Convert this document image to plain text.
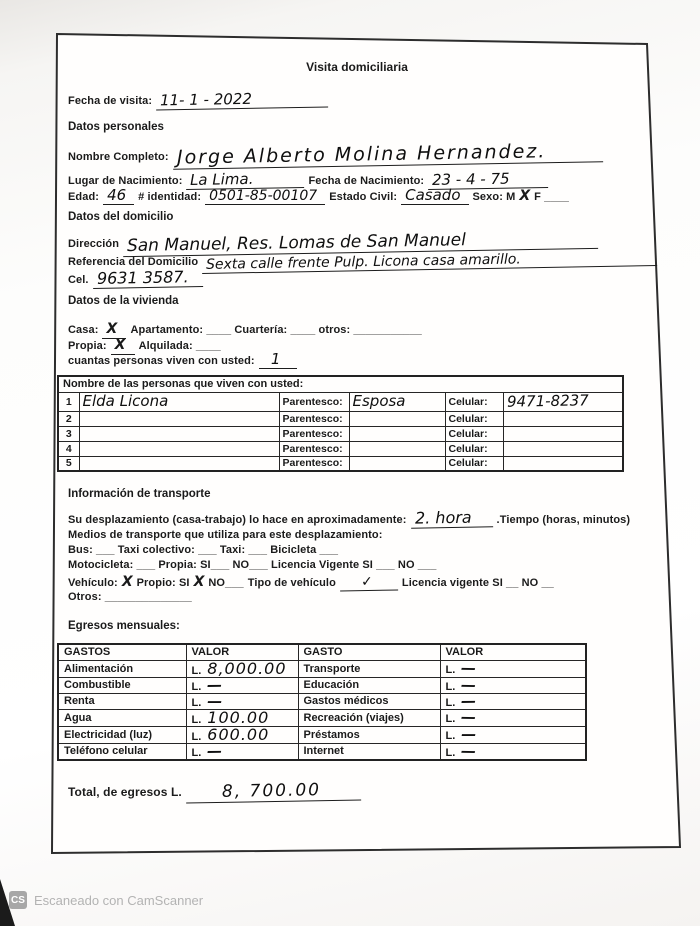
Visita domiciliaria
Fecha de visita: 11- 1 - 2022
Datos personales
Nombre Completo: Jorge Alberto Molina Hernandez.
Lugar de Nacimiento: La Lima.	Fecha de Nacimiento: 23 - 4 - 75
Edad: 46	# identidad: 0501-85-00107	Estado Civil: Casado	Sexo: M X F ____
Datos del domicilio
Dirección San Manuel, Res. Lomas de San Manuel
Referencia del Domicilio Sexta calle frente Pulp. Licona casa amarillo.
Cel. 9631 3587.
Datos de la vivienda
Casa: X	Apartamento: ____ Cuartería: ____ otros: ___________
Propia: X	Alquilada: ____
cuantas personas viven con usted:	1
Nombre de las personas que viven con usted:					
1	Elda Licona	Parentesco:	Esposa	Celular:	9471-8237
2		Parentesco:		Celular:	
3		Parentesco:		Celular:	
4		Parentesco:		Celular:	
5		Parentesco:		Celular:	
Información de transporte
Su desplazamiento (casa-trabajo) lo hace en aproximadamente: 2. hora	.Tiempo (horas, minutos)
Medios de transporte que utiliza para este desplazamiento:
Bus: ___ Taxi colectivo: ___ Taxi: ___ Bicicleta ___
Motocicleta: ___ Propia: SI___ NO___ Licencia Vigente SI ___ NO ___
Vehículo: X Propio: SI X NO___ Tipo de vehículo	✓	Licencia vigente SI __ NO __
Otros: ______________
Egresos mensuales:
GASTOS	VALOR	GASTO	VALOR
Alimentación	L. 8,000.00	Transporte	L. —
Combustible	L. —	Educación	L. —
Renta	L. —	Gastos médicos	L. —
Agua	L. 100.00	Recreación (viajes)	L. —
Electricidad (luz)	L. 600.00	Préstamos	L. —
Teléfono celular	L. —	Internet	L. —
Total, de egresos L.	8, 700.00
CS Escaneado con CamScanner
